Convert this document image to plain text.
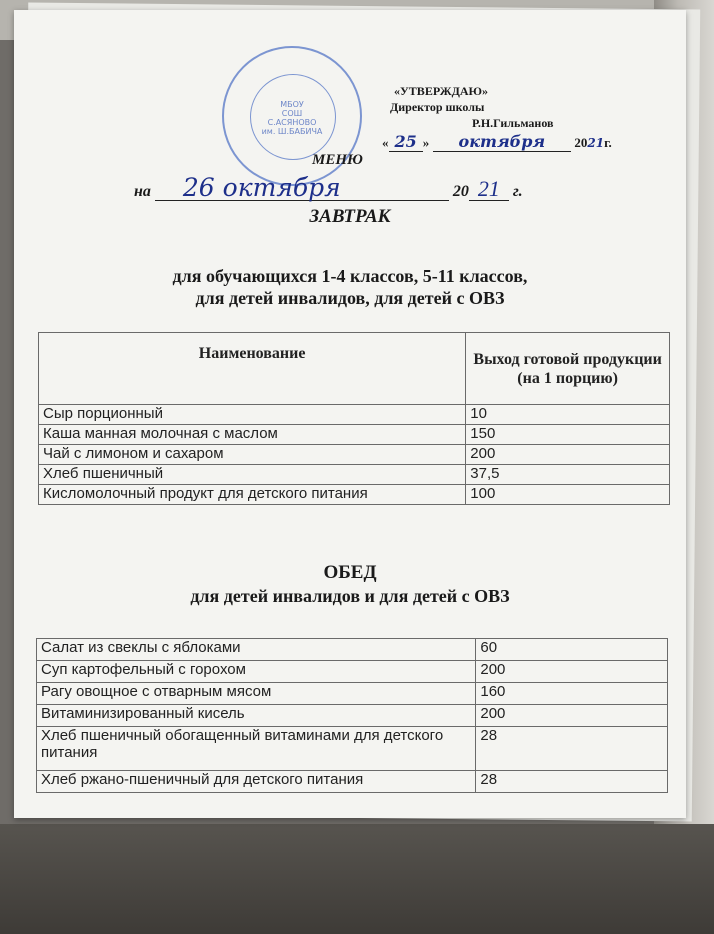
МБОУ
СОШ
С.АСЯНОВО
им. Ш.БАБИЧА
«УТВЕРЖДАЮ»
Директор школы
Р.Н.Гильманов
« 25 » октября 2021г.
МЕНЮ
на 26 октября	20 21 г.
ЗАВТРАК
для обучающихся 1-4 классов, 5-11 классов,
для детей инвалидов, для детей с ОВЗ
Наименование	Выход готовой продукции (на 1 порцию)
Сыр порционный	10
Каша манная молочная с маслом	150
Чай с лимоном и сахаром	200
Хлеб пшеничный	37,5
Кисломолочный продукт для детского питания	100
ОБЕД
для детей инвалидов и для детей с ОВЗ
Салат из свеклы с яблоками	60
Суп картофельный с горохом	200
Рагу овощное с отварным мясом	160
Витаминизированный кисель	200
Хлеб пшеничный обогащенный витаминами для детского питания	28
Хлеб ржано-пшеничный для детского питания	28
